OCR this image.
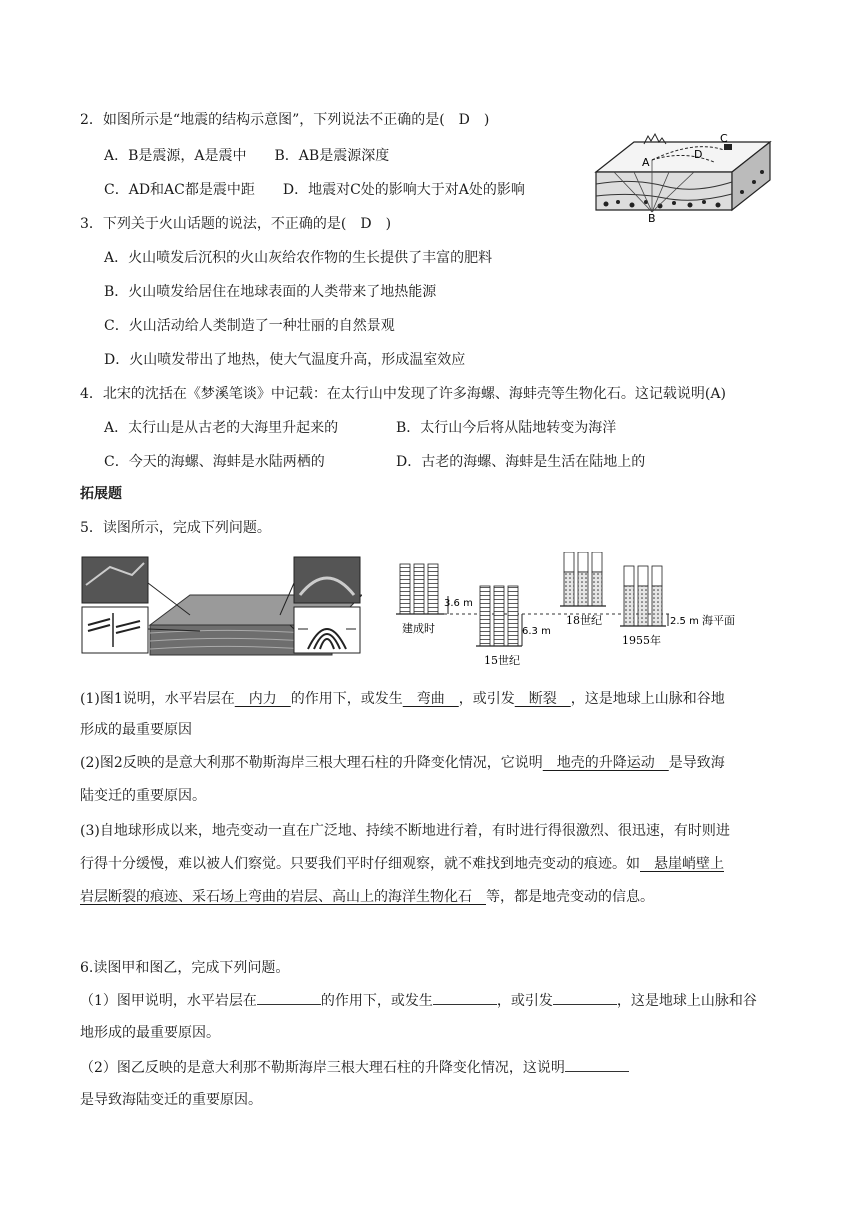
2．如图所示是“地震的结构示意图”，下列说法不正确的是(　D　)
A．B是震源，A是震中　　B．AB是震源深度
C．AD和AC都是震中距　　D．地震对C处的影响大于对A处的影响
A
B
C
D
3．下列关于火山话题的说法，不正确的是(　D　)
A．火山喷发后沉积的火山灰给农作物的生长提供了丰富的肥料
B．火山喷发给居住在地球表面的人类带来了地热能源
C．火山活动给人类制造了一种壮丽的自然景观
D．火山喷发带出了地热，使大气温度升高，形成温室效应
4．北宋的沈括在《梦溪笔谈》中记载：在太行山中发现了许多海螺、海蚌壳等生物化石。这记载说明(A)
A．太行山是从古老的大海里升起来的	B．太行山今后将从陆地转变为海洋
C．今天的海螺、海蚌是水陆两栖的	D．古老的海螺、海蚌是生活在陆地上的
拓展题
5．读图所示，完成下列问题。
建成时
3.6 m
15世纪
6.3 m
18世纪
1955年
2.5 m 海平面
(1)图1说明，水平岩层在　内力　的作用下，或发生　弯曲　，或引发　断裂　，这是地球上山脉和谷地
形成的最重要原因
(2)图2反映的是意大利那不勒斯海岸三根大理石柱的升降变化情况，它说明　地壳的升降运动　是导致海
陆变迁的重要原因。
(3)自地球形成以来，地壳变动一直在广泛地、持续不断地进行着，有时进行得很激烈、很迅速，有时则进
行得十分缓慢，难以被人们察觉。只要我们平时仔细观察，就不难找到地壳变动的痕迹。如　悬崖峭壁上
岩层断裂的痕迹、采石场上弯曲的岩层、高山上的海洋生物化石　等，都是地壳变动的信息。
6.读图甲和图乙，完成下列问题。
（1）图甲说明，水平岩层在	的作用下，或发生	，或引发	，这是地球上山脉和谷
地形成的最重要原因。
（2）图乙反映的是意大利那不勒斯海岸三根大理石柱的升降变化情况，这说明
是导致海陆变迁的重要原因。
